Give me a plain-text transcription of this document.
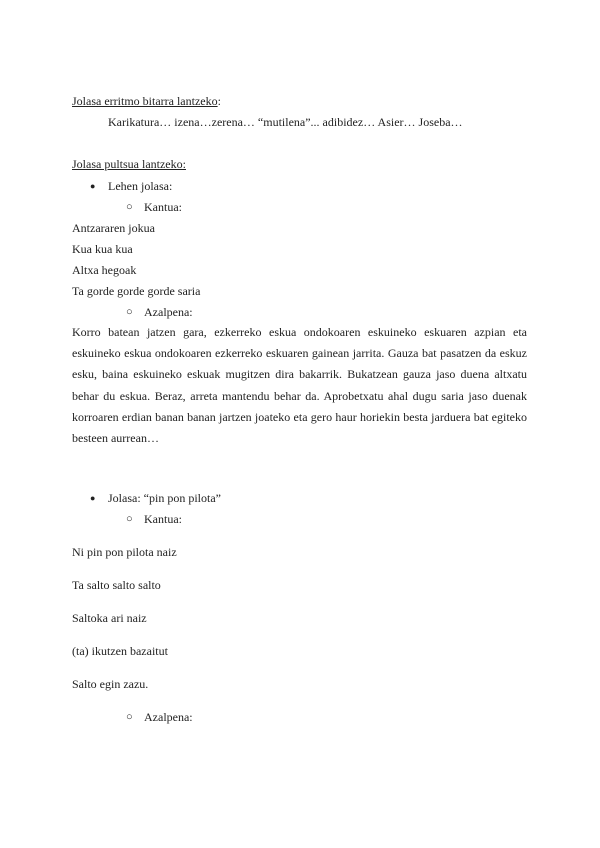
Jolasa erritmo bitarra lantzeko:
Karikatura… izena…zerena… “mutilena”... adibidez… Asier… Joseba…
Jolasa pultsua lantzeko:
● Lehen jolasa:
○ Kantua:
Antzararen jokua
Kua kua kua
Altxa hegoak
Ta gorde gorde gorde saria
○ Azalpena:
Korro batean jatzen gara, ezkerreko eskua ondokoaren eskuineko eskuaren azpian eta eskuineko eskua ondokoaren ezkerreko eskuaren gainean jarrita. Gauza bat pasatzen da eskuz esku, baina eskuineko eskuak mugitzen dira bakarrik. Bukatzean gauza jaso duena altxatu behar du eskua. Beraz, arreta mantendu behar da. Aprobetxatu ahal dugu saria jaso duenak korroaren erdian banan banan jartzen joateko eta gero haur horiekin besta jarduera bat egiteko besteen aurrean…
● Jolasa: “pin pon pilota”
○ Kantua:
Ni pin pon pilota naiz
Ta salto salto salto
Saltoka ari naiz
(ta) ikutzen bazaitut
Salto egin zazu.
○ Azalpena:
